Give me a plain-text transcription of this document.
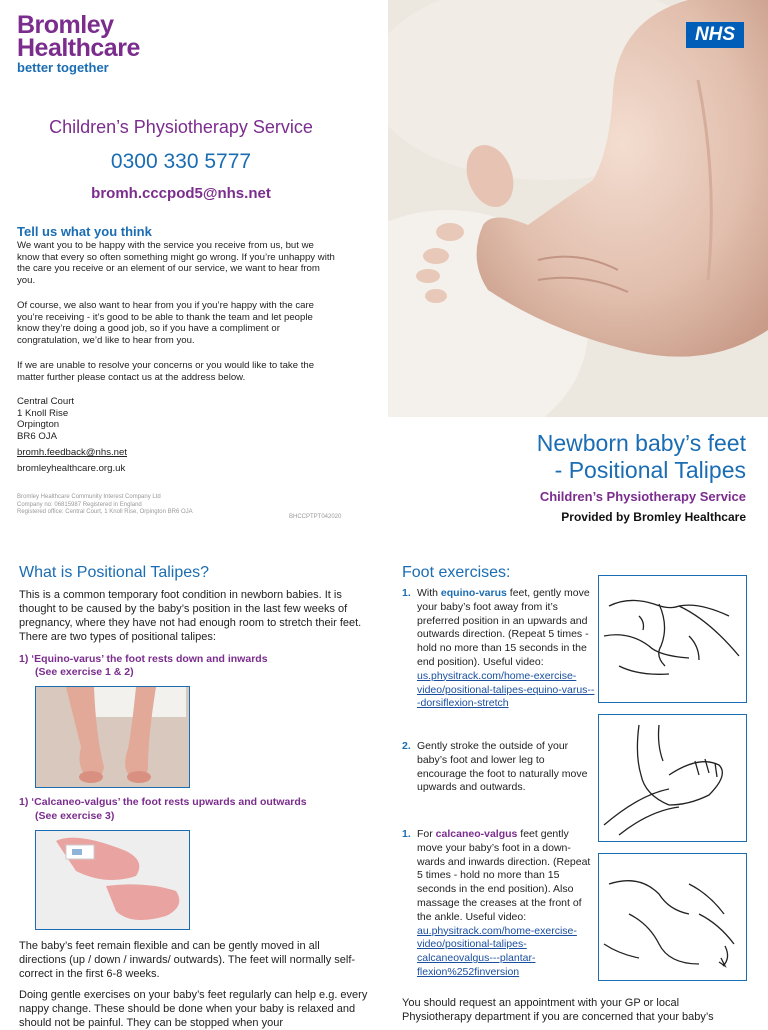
Bromley
Healthcare
better together
Children’s Physiotherapy Service
0300 330 5777
bromh.cccpod5@nhs.net
Tell us what you think
We want you to be happy with the service you receive from us, but we know that every so often something might go wrong. If you’re unhappy with the care you receive or an element of our service, we want to hear from you.
Of course, we also want to hear from you if you’re happy with the care you’re receiving - it’s good to be able to thank the team and let people know they’re doing a good job, so if you have a compliment or congratulation, we’d like to hear from you.
If we are unable to resolve your concerns or you would like to take the matter further please contact us at the address below.
Central Court
1 Knoll Rise
Orpington
BR6 OJA
bromh.feedback@nhs.net
bromleyhealthcare.org.uk
Bromley Healthcare Community Interest Company Ltd
Company no: 06815987 Registered in England
Registered office: Central Court, 1 Knoll Rise, Orpington BR6 OJA
BHCCPTPT042020
NHS
Newborn baby’s feet
- Positional Talipes
Children’s Physiotherapy Service
Provided by Bromley Healthcare
What is Positional Talipes?
This is a common temporary foot condition in newborn babies. It is thought to be caused by the baby’s position in the last few weeks of pregnancy, where they have not had enough room to stretch their feet. There are two types of positional talipes:
1) ‘Equino-varus’ the foot rests down and inwards
(See exercise 1 & 2)
1) ‘Calcaneo-valgus’ the foot rests upwards and outwards
(See exercise 3)
The baby’s feet remain flexible and can be gently moved in all directions (up / down / inwards/ outwards). The feet will normally self-correct in the first 6-8 weeks.
Doing gentle exercises on your baby’s feet regularly can help e.g. every nappy change. These should be done when your baby is relaxed and should not be painful. They can be stopped when your
Foot exercises:
1. With equino-varus feet, gently move your baby’s foot away from it’s preferred position in an upwards and outwards direction. (Repeat 5 times - hold no more than 15 seconds in the end position). Useful video: us.physitrack.com/home-exercise-video/positional-talipes-equino-varus---dorsiflexion-stretch
2. Gently stroke the outside of your baby’s foot and lower leg to encourage the foot to naturally move upwards and outwards.
1. For calcaneo-valgus feet gently move your baby’s foot in a down-wards and inwards direction. (Repeat 5 times - hold no more than 15 seconds in the end position). Also massage the creases at the front of the ankle. Useful video: au.physitrack.com/home-exercise-video/positional-talipes-calcaneovalgus---plantar-flexion%252finversion
You should request an appointment with your GP or local Physiotherapy department if you are concerned that your baby’s
